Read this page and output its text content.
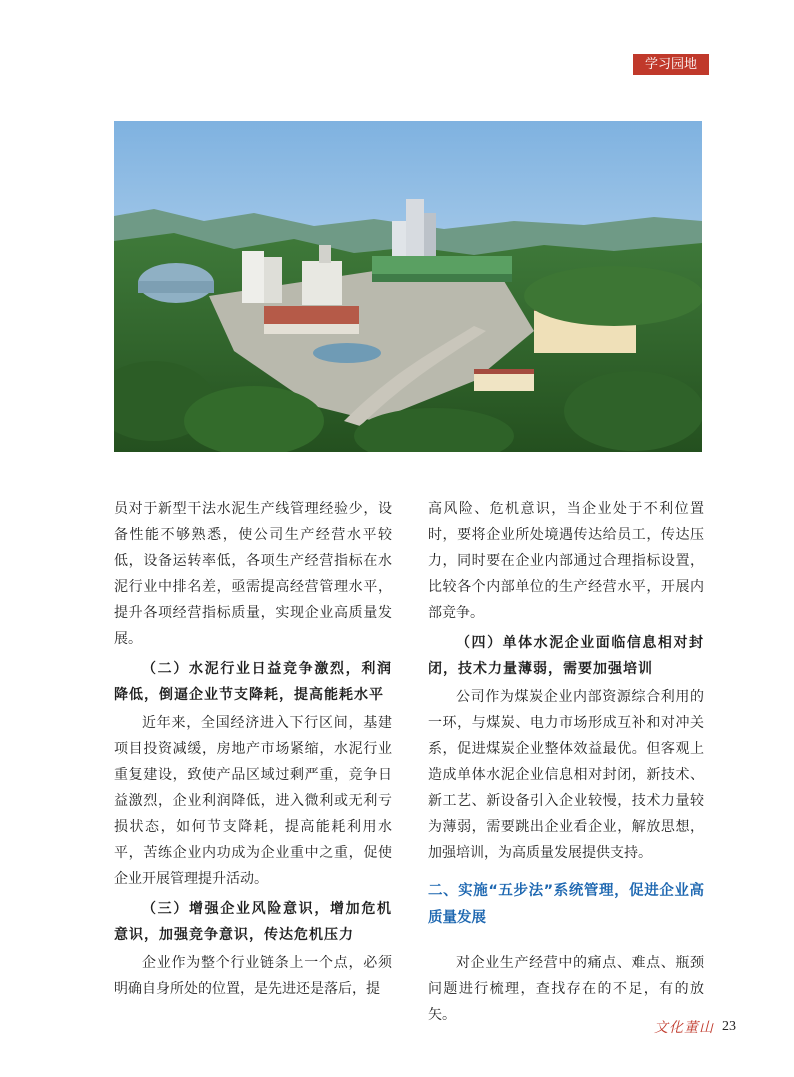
学习园地

员对于新型干法水泥生产线管理经验少，设备性能不够熟悉，使公司生产经营水平较低，设备运转率低，各项生产经营指标在水泥行业中排名差，亟需提高经营管理水平，提升各项经营指标质量，实现企业高质量发展。

（二）水泥行业日益竞争激烈，利润降低，倒逼企业节支降耗，提高能耗水平

近年来，全国经济进入下行区间，基建项目投资减缓，房地产市场紧缩，水泥行业重复建设，致使产品区域过剩严重，竞争日益激烈，企业利润降低，进入微利或无利亏损状态，如何节支降耗，提高能耗利用水平，苦练企业内功成为企业重中之重，促使企业开展管理提升活动。

（三）增强企业风险意识，增加危机意识，加强竞争意识，传达危机压力

企业作为整个行业链条上一个点，必须明确自身所处的位置，是先进还是落后，提

高风险、危机意识，当企业处于不利位置时，要将企业所处境遇传达给员工，传达压力，同时要在企业内部通过合理指标设置，比较各个内部单位的生产经营水平，开展内部竞争。

（四）单体水泥企业面临信息相对封闭，技术力量薄弱，需要加强培训

公司作为煤炭企业内部资源综合利用的一环，与煤炭、电力市场形成互补和对冲关系，促进煤炭企业整体效益最优。但客观上造成单体水泥企业信息相对封闭，新技术、新工艺、新设备引入企业较慢，技术力量较为薄弱，需要跳出企业看企业，解放思想，加强培训，为高质量发展提供支持。

二、实施“五步法”系统管理，促进企业高质量发展

对企业生产经营中的痛点、难点、瓶颈问题进行梳理，查找存在的不足，有的放矢。

文化董山 23
